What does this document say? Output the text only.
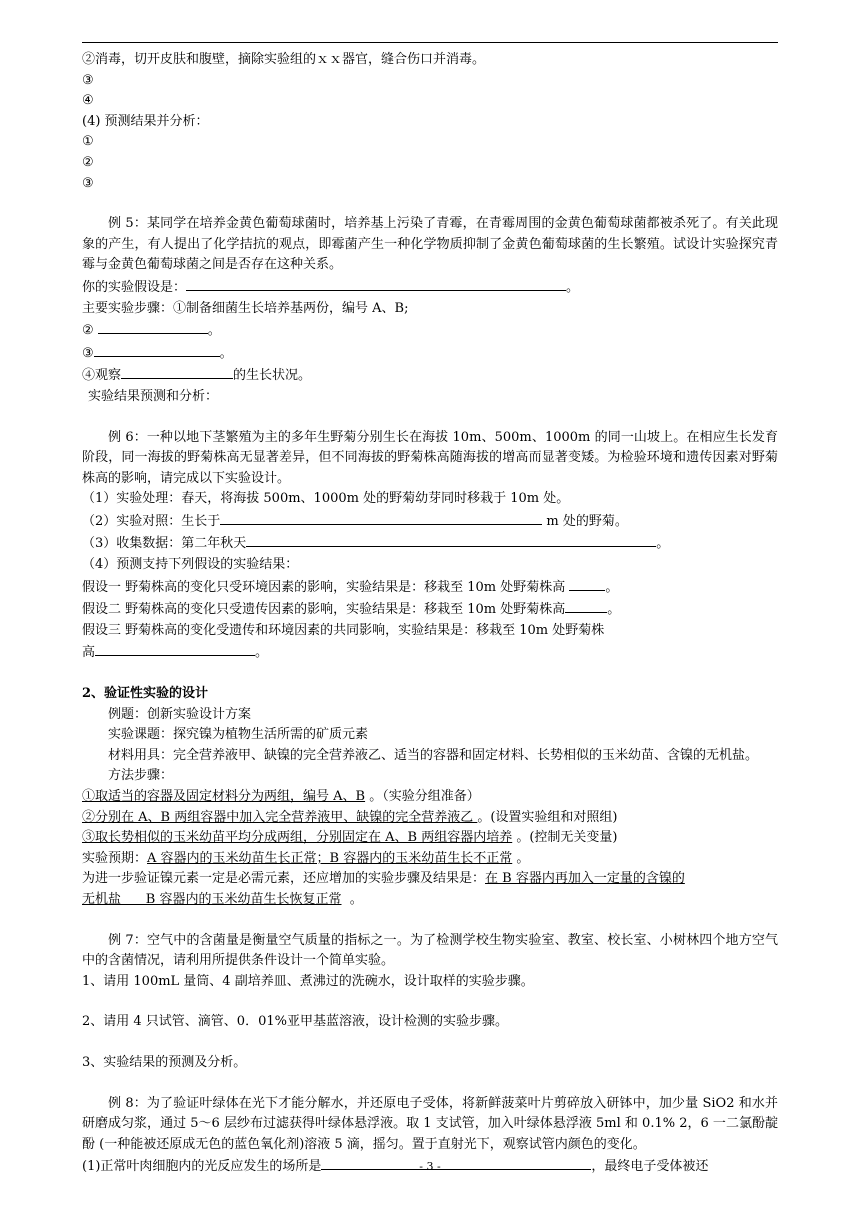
②消毒，切开皮肤和腹壁，摘除实验组的ｘｘ器官，缝合伤口并消毒。

③

④

(4) 预测结果并分析：

①

②

③

例 5：某同学在培养金黄色葡萄球菌时，培养基上污染了青霉，在青霉周围的金黄色葡萄球菌都被杀死了。有关此现象的产生，有人提出了化学拮抗的观点，即霉菌产生一种化学物质抑制了金黄色葡萄球菌的生长繁殖。试设计实验探究青霉与金黄色葡萄球菌之间是否存在这种关系。

你的实验假设是：	。

主要实验步骤：①制备细菌生长培养基两份，编号 A、B;

②	。

③	。

④观察	的生长状况。

实验结果预测和分析：

例 6：一种以地下茎繁殖为主的多年生野菊分别生长在海拔 10m、500m、1000m 的同一山坡上。在相应生长发育阶段，同一海拔的野菊株高无显著差异，但不同海拔的野菊株高随海拔的增高而显著变矮。为检验环境和遗传因素对野菊株高的影响，请完成以下实验设计。

（1）实验处理：春天，将海拔 500m、1000m 处的野菊幼芽同时移栽于 10m 处。

（2）实验对照：生长于	m 处的野菊。

（3）收集数据：第二年秋天	。

（4）预测支持下列假设的实验结果：

假设一 野菊株高的变化只受环境因素的影响，实验结果是：移栽至 10m 处野菊株高	。

假设二 野菊株高的变化只受遗传因素的影响，实验结果是：移栽至 10m 处野菊株高	。

假设三 野菊株高的变化受遗传和环境因素的共同影响，实验结果是：移栽至 10m 处野菊株

高	。

2、验证性实验的设计

例题：创新实验设计方案

实验课题：探究镍为植物生活所需的矿质元素

材料用具：完全营养液甲、缺镍的完全营养液乙、适当的容器和固定材料、长势相似的玉米幼苗、含镍的无机盐。

方法步骤：

①取适当的容器及固定材料分为两组，编号 A、B 。（实验分组准备）

②分别在 A、B 两组容器中加入完全营养液甲、缺镍的完全营养液乙 。(设置实验组和对照组)

③取长势相似的玉米幼苗平均分成两组，分别固定在 A、B 两组容器内培养 。(控制无关变量)

实验预期：A 容器内的玉米幼苗生长正常；B 容器内的玉米幼苗生长不正常 。

为进一步验证镍元素一定是必需元素，还应增加的实验步骤及结果是：在 B 容器内再加入一定量的含镍的

无机盐      B 容器内的玉米幼苗生长恢复正常  。

例 7：空气中的含菌量是衡量空气质量的指标之一。为了检测学校生物实验室、教室、校长室、小树林四个地方空气中的含菌情况，请利用所提供条件设计一个简单实验。

1、请用 100mL 量筒、4 副培养皿、煮沸过的洗碗水，设计取样的实验步骤。

2、请用 4 只试管、滴管、0．01%亚甲基蓝溶液，设计检测的实验步骤。

3、实验结果的预测及分析。

例 8：为了验证叶绿体在光下才能分解水，并还原电子受体，将新鲜菠菜叶片剪碎放入研钵中，加少量 SiO2 和水并研磨成匀浆，通过 5～6 层纱布过滤获得叶绿体悬浮液。取 1 支试管，加入叶绿体悬浮液 5ml 和 0.1% 2，6 一二氯酚靛酚 (一种能被还原成无色的蓝色氧化剂)溶液 5 滴，摇匀。置于直射光下，观察试管内颜色的变化。

(1)正常叶肉细胞内的光反应发生的场所是	，最终电子受体被还

- 3 -
